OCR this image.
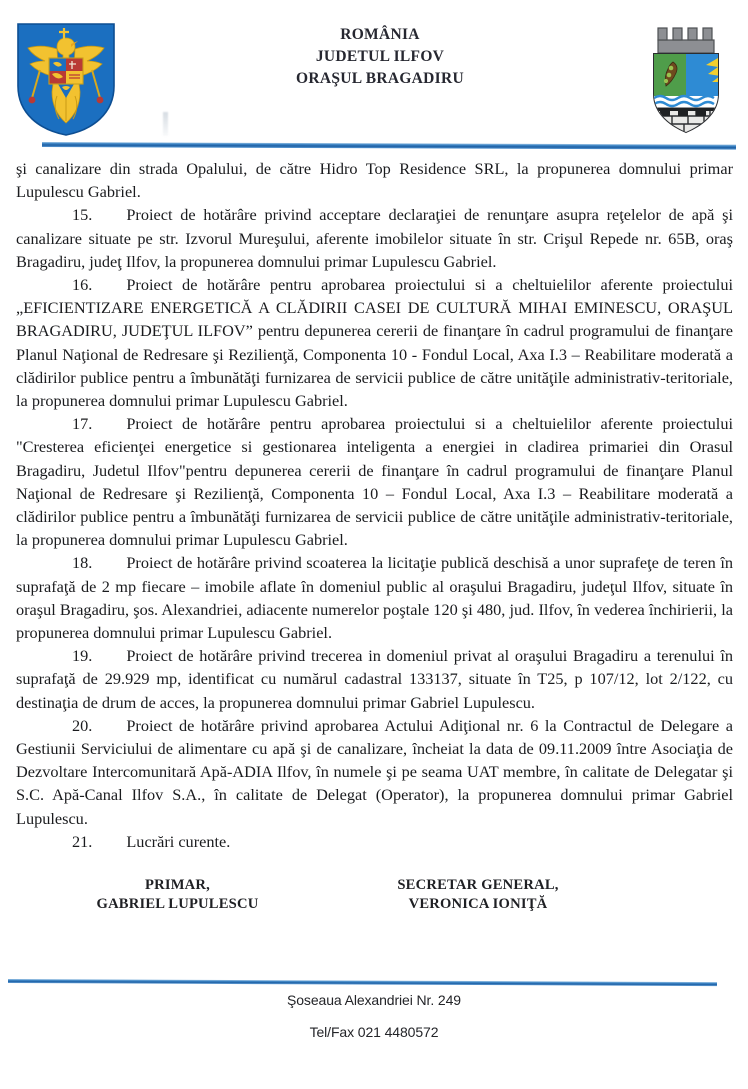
ROMÂNIA
JUDETUL ILFOV
ORAŞUL BRAGADIRU

şi canalizare din strada Opalului, de către Hidro Top Residence SRL, la propunerea domnului primar Lupulescu Gabriel.

15. Proiect de hotărâre privind acceptare declaraţiei de renunţare asupra reţelelor de apă şi canalizare situate pe str. Izvorul Mureşului, aferente imobilelor situate în str. Crişul Repede nr. 65B, oraş Bragadiru, judeţ Ilfov, la propunerea domnului primar Lupulescu Gabriel.

16. Proiect de hotărâre pentru aprobarea proiectului si a cheltuielilor aferente proiectului „EFICIENTIZARE ENERGETICĂ A CLĂDIRII CASEI DE CULTURĂ MIHAI EMINESCU, ORAŞUL BRAGADIRU, JUDEŢUL ILFOV” pentru depunerea cererii de finanţare în cadrul programului de finanţare Planul Naţional de Redresare şi Rezilienţă, Componenta 10 - Fondul Local, Axa I.3 – Reabilitare moderată a clădirilor publice pentru a îmbunătăţi furnizarea de servicii publice de către unităţile administrativ-teritoriale, la propunerea domnului primar Lupulescu Gabriel.

17. Proiect de hotărâre pentru aprobarea proiectului si a cheltuielilor aferente proiectului "Cresterea eficienţei energetice si gestionarea inteligenta a energiei in cladirea primariei din Orasul Bragadiru, Judetul Ilfov"pentru depunerea cererii de finanţare în cadrul programului de finanţare Planul Naţional de Redresare şi Rezilienţă, Componenta 10 – Fondul Local, Axa I.3 – Reabilitare moderată a clădirilor publice pentru a îmbunătăţi furnizarea de servicii publice de către unităţile administrativ-teritoriale, la propunerea domnului primar Lupulescu Gabriel.

18. Proiect de hotărâre privind scoaterea la licitaţie publică deschisă a unor suprafeţe de teren în suprafaţă de 2 mp fiecare – imobile aflate în domeniul public al oraşului Bragadiru, judeţul Ilfov, situate în oraşul Bragadiru, şos. Alexandriei, adiacente numerelor poştale 120 şi 480, jud. Ilfov, în vederea închirierii, la propunerea domnului primar Lupulescu Gabriel.

19. Proiect de hotărâre privind trecerea in domeniul privat al oraşului Bragadiru a terenului în suprafaţă de 29.929 mp, identificat cu numărul cadastral 133137, situate în T25, p 107/12, lot 2/122, cu destinaţia de drum de acces, la propunerea domnului primar Gabriel Lupulescu.

20. Proiect de hotărâre privind aprobarea Actului Adiţional nr. 6 la Contractul de Delegare a Gestiunii Serviciului de alimentare cu apă şi de canalizare, încheiat la data de 09.11.2009 între Asociaţia de Dezvoltare Intercomunitară Apă-ADIA Ilfov, în numele şi pe seama UAT membre, în calitate de Delegatar şi S.C. Apă-Canal Ilfov S.A., în calitate de Delegat (Operator), la propunerea domnului primar Gabriel Lupulescu.

21. Lucrări curente.

PRIMAR,
GABRIEL LUPULESCU
SECRETAR GENERAL,
VERONICA IONIŢĂ
Şoseaua Alexandriei Nr. 249
Tel/Fax 021 4480572
